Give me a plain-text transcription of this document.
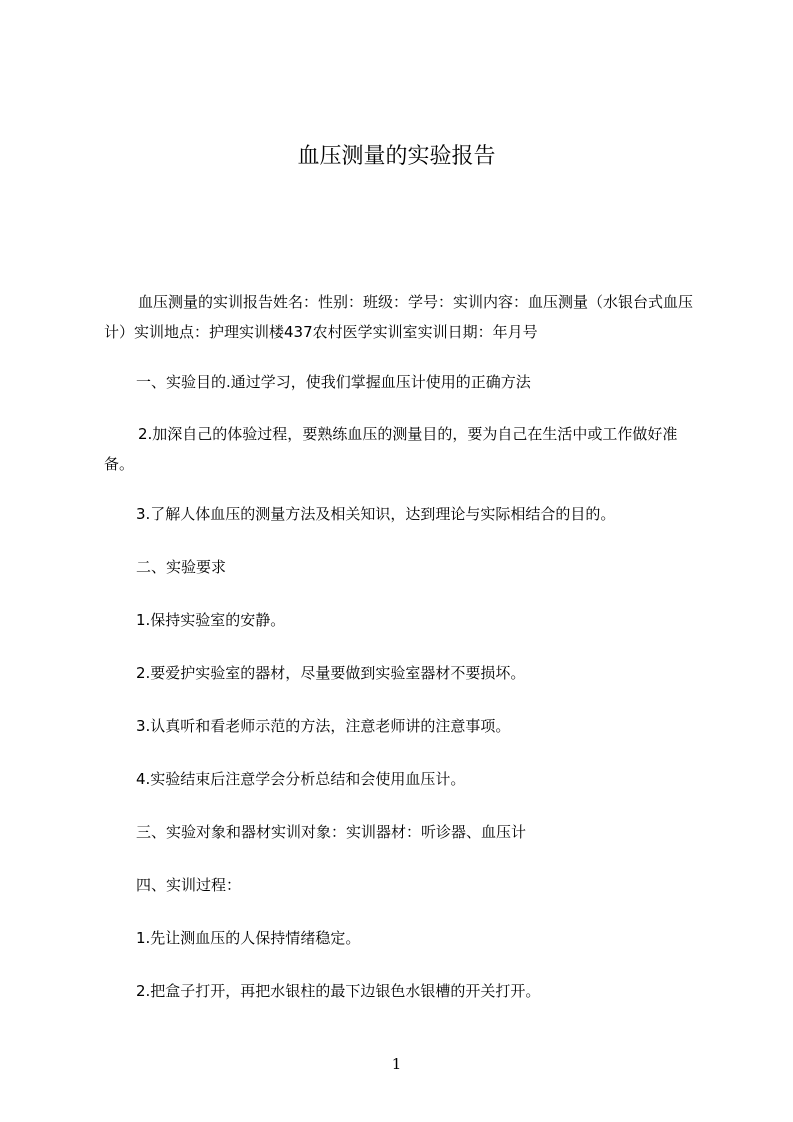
血压测量的实验报告

血压测量的实训报告姓名：性别：班级：学号：实训内容：血压测量（水银台式血压计）实训地点：护理实训楼437农村医学实训室实训日期：年月号

一、实验目的.通过学习，使我们掌握血压计使用的正确方法

2.加深自己的体验过程，要熟练血压的测量目的，要为自己在生活中或工作做好准备。

3.了解人体血压的测量方法及相关知识，达到理论与实际相结合的目的。

二、实验要求

1.保持实验室的安静。

2.要爱护实验室的器材，尽量要做到实验室器材不要损坏。

3.认真听和看老师示范的方法，注意老师讲的注意事项。

4.实验结束后注意学会分析总结和会使用血压计。

三、实验对象和器材实训对象：实训器材：听诊器、血压计

四、实训过程：

1.先让测血压的人保持情绪稳定。

2.把盒子打开，再把水银柱的最下边银色水银槽的开关打开。

1
